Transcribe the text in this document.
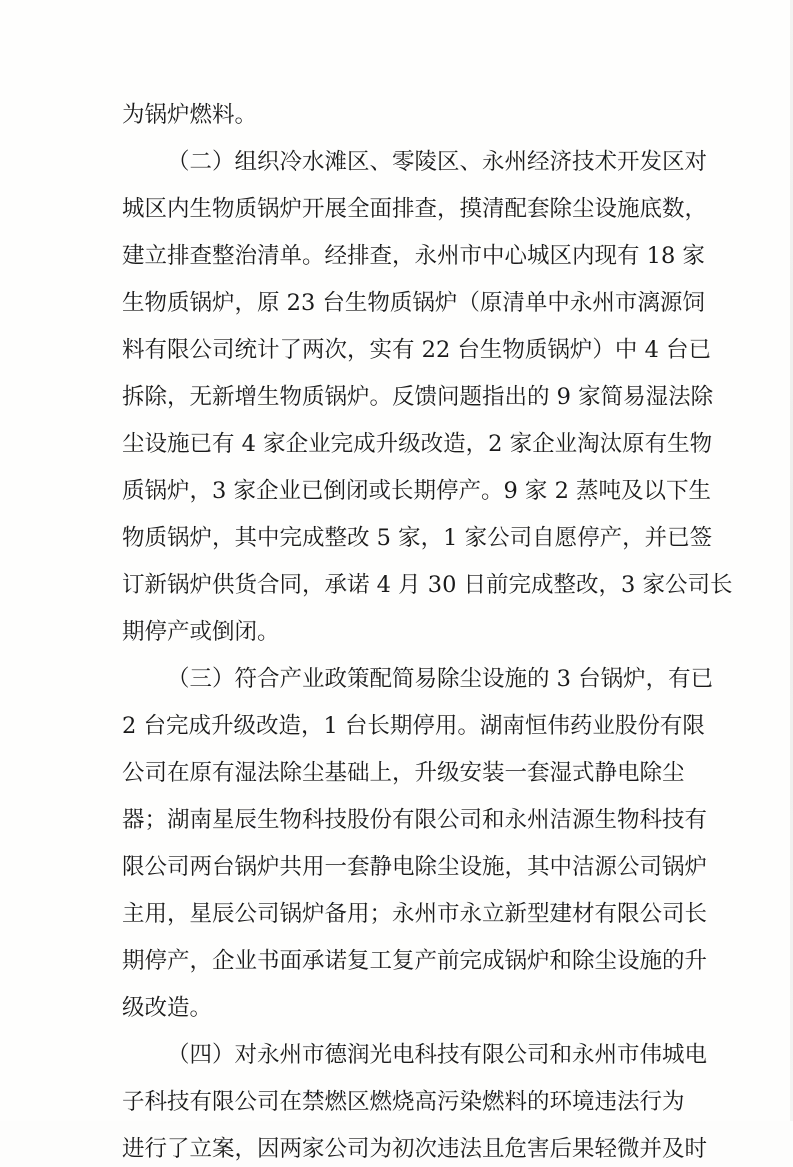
为锅炉燃料。
（二）组织冷水滩区、零陵区、永州经济技术开发区对
城区内生物质锅炉开展全面排查，摸清配套除尘设施底数，
建立排查整治清单。经排查，永州市中心城区内现有 18 家
生物质锅炉，原 23 台生物质锅炉（原清单中永州市漓源饲
料有限公司统计了两次，实有 22 台生物质锅炉）中 4 台已
拆除，无新增生物质锅炉。反馈问题指出的 9 家简易湿法除
尘设施已有 4 家企业完成升级改造，2 家企业淘汰原有生物
质锅炉，3 家企业已倒闭或长期停产。9 家 2 蒸吨及以下生
物质锅炉，其中完成整改 5 家，1 家公司自愿停产，并已签
订新锅炉供货合同，承诺 4 月 30 日前完成整改，3 家公司长
期停产或倒闭。
（三）符合产业政策配简易除尘设施的 3 台锅炉，有已
2 台完成升级改造，1 台长期停用。湖南恒伟药业股份有限
公司在原有湿法除尘基础上，升级安装一套湿式静电除尘
器；湖南星辰生物科技股份有限公司和永州洁源生物科技有
限公司两台锅炉共用一套静电除尘设施，其中洁源公司锅炉
主用，星辰公司锅炉备用；永州市永立新型建材有限公司长
期停产，企业书面承诺复工复产前完成锅炉和除尘设施的升
级改造。
（四）对永州市德润光电科技有限公司和永州市伟城电
子科技有限公司在禁燃区燃烧高污染燃料的环境违法行为
进行了立案，因两家公司为初次违法且危害后果轻微并及时
